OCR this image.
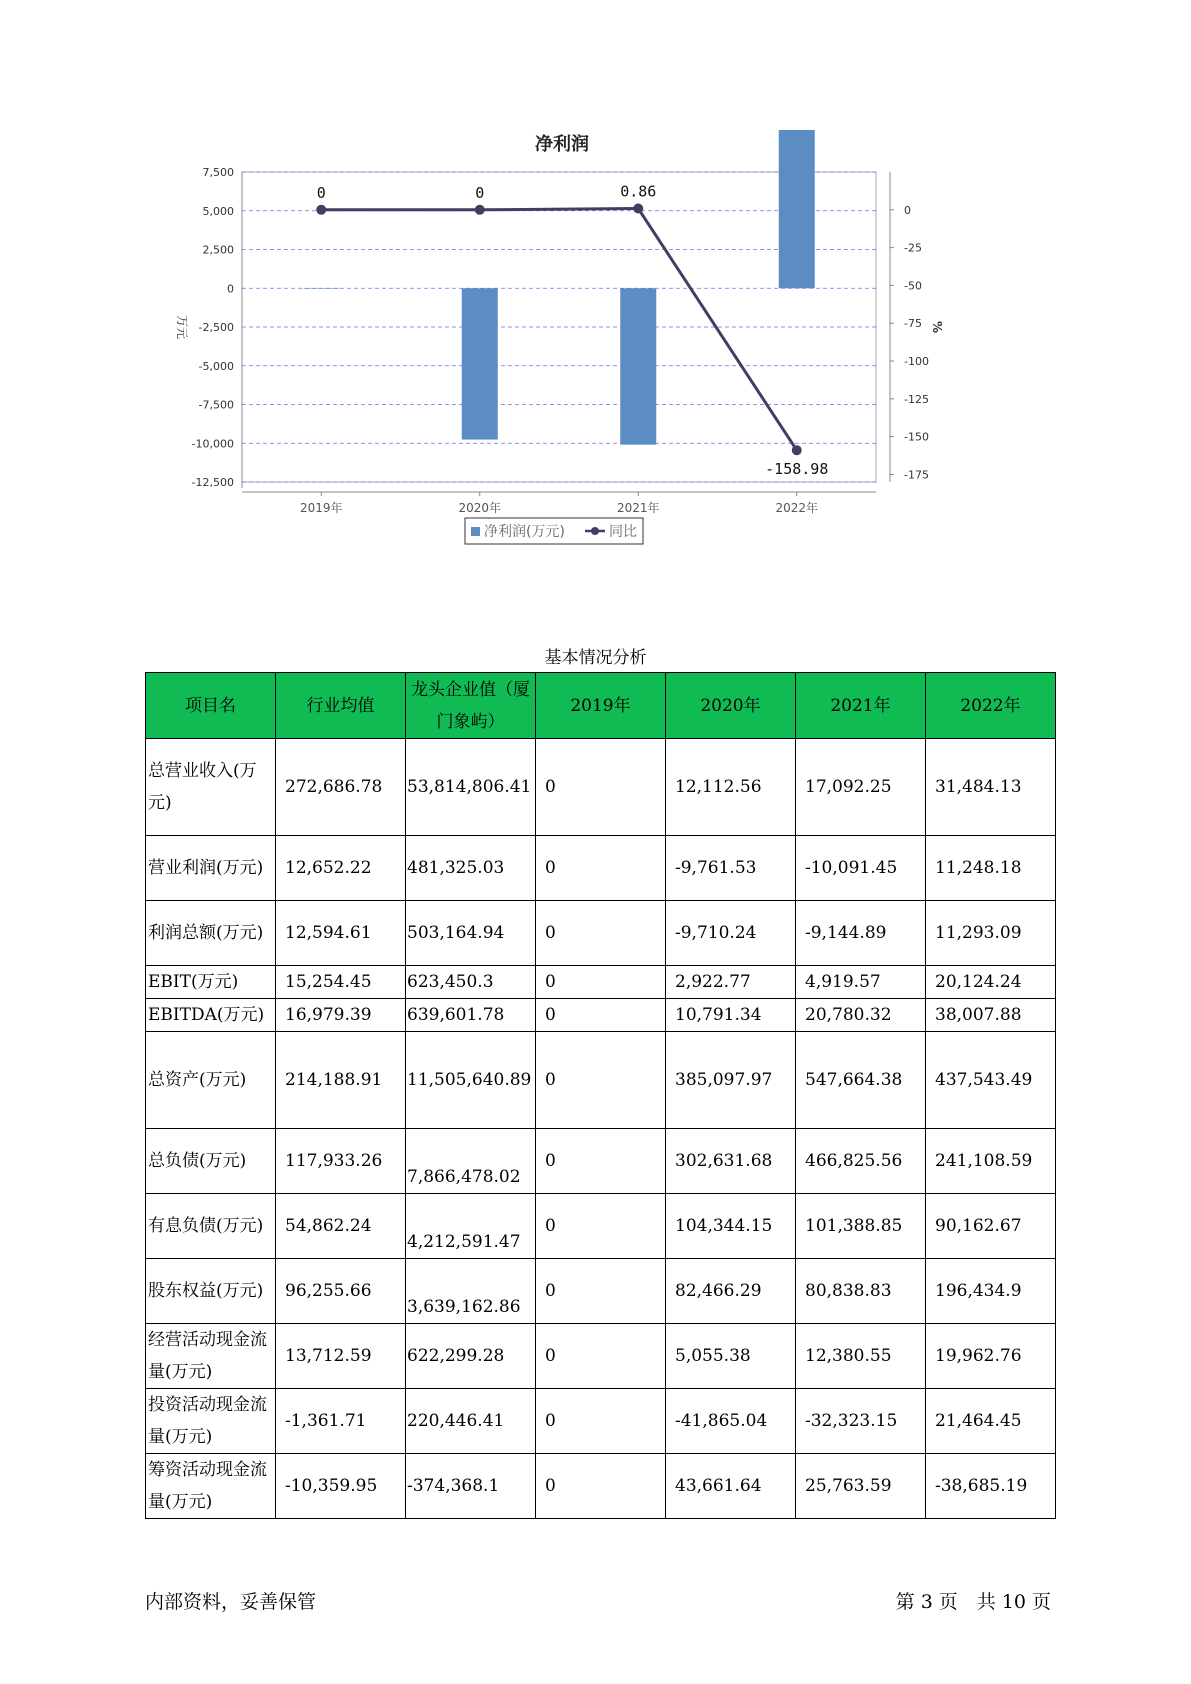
净利润
7,500
5,000
2,500
0
-2,500
-5,000
-7,500
-10,000
-12,500
0
-25
-50
-75
-100
-125
-150
-175
2019年	2020年	2021年	2022年
万元	%
0	0	0.86
-158.98
净利润(万元)	同比
基本情况分析
项目名	行业均值	龙头企业值（厦门象屿）	2019年	2020年	2021年	2022年
总营业收入(万元)	272,686.78	53,814,806.41	0	12,112.56	17,092.25	31,484.13
营业利润(万元)	12,652.22	481,325.03	0	-9,761.53	-10,091.45	11,248.18
利润总额(万元)	12,594.61	503,164.94	0	-9,710.24	-9,144.89	11,293.09
EBIT(万元)	15,254.45	623,450.3	0	2,922.77	4,919.57	20,124.24
EBITDA(万元)	16,979.39	639,601.78	0	10,791.34	20,780.32	38,007.88
总资产(万元)	214,188.91	11,505,640.89	0	385,097.97	547,664.38	437,543.49
总负债(万元)	117,933.26	7,866,478.02	0	302,631.68	466,825.56	241,108.59
有息负债(万元)	54,862.24	4,212,591.47	0	104,344.15	101,388.85	90,162.67
股东权益(万元)	96,255.66	3,639,162.86	0	82,466.29	80,838.83	196,434.9
经营活动现金流量(万元)	13,712.59	622,299.28	0	5,055.38	12,380.55	19,962.76
投资活动现金流量(万元)	-1,361.71	220,446.41	0	-41,865.04	-32,323.15	21,464.45
筹资活动现金流量(万元)	-10,359.95	-374,368.1	0	43,661.64	25,763.59	-38,685.19
内部资料，妥善保管	第 3 页　共 10 页
